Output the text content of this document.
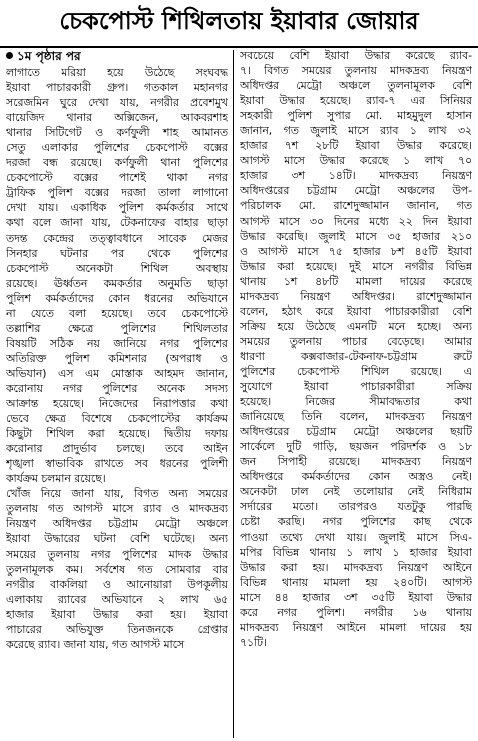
চেকপোস্ট শিথিলতায় ইয়াবার জোয়ার
১ম পৃষ্ঠার পর
লাগাতে মরিয়া হয়ে উঠেছে সংঘবদ্ধ
ইয়াবা পাচারকারী গ্রুপ। গতকাল মহানগর
সরেজমিন ঘুরে দেখা যায়, নগরীর প্রবেশমুখ
বায়েজিদ থানার অক্সিজেন, আকবরশাহ
থানার সিটিগেট ও কর্ণফুলী শাহ আমানত
সেতু এলাকার পুলিশের চেকপোস্ট বক্সের
দরজা বন্ধ রয়েছে। কর্ণফুলী থানা পুলিশের
চেকপোস্টে বক্সের পাশেই থাকা নগর
ট্রাফিক পুলিশ বক্সের দরজা তালা লাগানো
দেখা যায়। একাধিক পুলিশ কর্মকর্তার সাথে
কথা বলে জানা যায়, টেকনাফের বাহার ছাড়া
তদন্ত কেন্দ্রের তত্ত্বাবধানে সাবেক মেজর
সিনহার ঘটনার পর থেকে পুলিশের
চেকপোস্ট অনেকটা শিথিল অবস্থায়
রয়েছে। ঊর্ধ্বতন কমকর্তার অনুমতি ছাড়া
পুলিশ কর্মকর্তাদের কোন ধরনের অভিযানে
না যেতে বলা হয়েছে। তবে চেকপোস্টে
তল্লাশির ক্ষেত্রে পুলিশের শিথিলতার
বিষয়টি সঠিক নয় জানিয়ে নগর পুলিশের
অতিরিক্ত পুলিশ কমিশনার (অপরাধ ও
অভিযান) এস এম মোস্তাক আহমদ জানান,
করোনায় নগর পুলিশের অনেক সদস্য
আক্রান্ত হয়েছে। নিজেদের নিরাপত্তার কথা
ভেবে ক্ষেত্র বিশেষে চেকপোস্টের কার্যক্রম
কিছুটা শিথিল করা হয়েছে। দ্বিতীয় দফায়
করোনার প্রাদুর্ভাব চলছে। তবে আইন
শৃঙ্খলা স্বাভাবিক রাখতে সব ধরনের পুলিশী
কার্যক্রম চলমান রয়েছে।
খোঁজ নিয়ে জানা যায়, বিগত অন্য সময়ের
তুলনায় গত আগস্ট মাসে র‍্যাব ও মাদকদ্রব্য
নিয়ন্ত্রণ অধিদপ্তর চট্টগ্রাম মেট্রো অঞ্চলে
ইয়াবা উদ্ধারের ঘটনা বেশি ঘটেছে। অন্য
সময়ের তুলনায় নগর পুলিশের মাদক উদ্ধার
তুলনামূলক কম। সর্বশেষ গত সোমবার বার
নগরীর বাকলিয়া ও আনোয়ারা উপকূলীয়
এলাকায় র‍্যাবের অভিযানে ২ লাখ ৬৫
হাজার ইয়াবা উদ্ধার করা হয়। ইয়াবা
পাচারের অভিযুক্ত তিনজনকে গ্রেপ্তার
করেছে র‍্যাব। জানা যায়, গত আগস্ট মাসে
সবচেয়ে বেশি ইয়াবা উদ্ধার করেছে র‍্যাব-
৭। বিগত সময়ের তুলনায় মাদকদ্রব্য নিয়ন্ত্রণ
অধিদপ্তর মেট্রো অঞ্চলে তুলনামূলক বেশি
ইয়াবা উদ্ধার হয়েছে। র‍্যাব-৭ এর সিনিয়র
সহকারী পুলিশ সুপার মো. মাহমুদুল হাসান
জানান, গত জুলাই মাসে র‍্যাব ১ লাখ ৩২
হাজার ৭শ ২৮টি ইয়াবা উদ্ধার করেছে।
আগস্ট মাসে উদ্ধার করেছে ১ লাখ ৭০
হাজার ৩শ ১৪টি। মাদকদ্রব্য নিয়ন্ত্রণ
অধিদপ্তরের চট্টগ্রাম মেট্রো অঞ্চলের উপ-
পরিচালক মো. রাশেদুজ্জামান জানান, গত
আগস্ট মাসে ৩০ দিনের মধ্যে ২২ দিন ইয়াবা
উদ্ধার করেছি। জুলাই মাসে ৩৫ হাজার ২১০
ও আগস্ট মাসে ৭৫ হাজার ৮শ ৪৫টি ইয়াবা
উদ্ধার করা হয়েছে। দুই মাসে নগরীর বিভিন্ন
থানায় ১শ ৪৮টি মামলা দায়ের করেছে
মাদকদ্রব্য নিয়ন্ত্রণ অধিদপ্তর। রাশেদুজ্জামান
বলেন, হঠাৎ করে ইয়াবা পাচারকারীরা বেশি
সক্রিয় হয়ে উঠেছে এমনটি মনে হচ্ছে। অন্য
সময়ের তুলনায় পাচার বেড়েছে। আমার
ধারণা কক্সবাজার-টেকনাফ-চট্টগ্রাম রুটে
পুলিশের চেকপোস্ট শিথিল রয়েছে। এ
সুযোগে ইয়াবা পাচারকারীরা সক্রিয়
হয়েছে। নিজের সীমাবদ্ধতার কথা
জানিয়েছে তিনি বলেন, মাদকদ্রব্য নিয়ন্ত্রণ
অধিদপ্তরের চট্টগ্রাম মেট্রো অঞ্চলের ছয়টি
সার্কেলে দুটি গাড়ি, ছয়জন পরিদর্শক ও ১৮
জন সিপাহী রয়েছে। মাদকদ্রব্য নিয়ন্ত্রণ
অধিদপ্তরে কর্মকর্তাদের কোন অস্ত্রও নেই।
অনেকটা ঢাল নেই তলোয়ার নেই নিধিরাম
সর্দারের মতো। তারপরও যতটুকু পারছি
চেষ্টা করছি। নগর পুলিশের কাছ থেকে
পাওয়া তথ্যে দেখা যায়। জুলাই মাসে সিএ-
মপির বিভিন্ন থানায় ১ লাখ ১ হাজার ইয়াবা
উদ্ধার করা হয়। মাদকদ্রব্য নিয়ন্ত্রণ আইনে
বিভিন্ন থানায় মামলা হয় ২৪০টি। আগস্ট
মাসে ৪৪ হাজার ৩শ ৩৫টি ইয়াবা উদ্ধার
করে নগর পুলিশ। নগরীর ১৬ থানায়
মাদকদ্রব্য নিয়ন্ত্রণ আইনে মামলা দায়ের হয়
৭১টি।
